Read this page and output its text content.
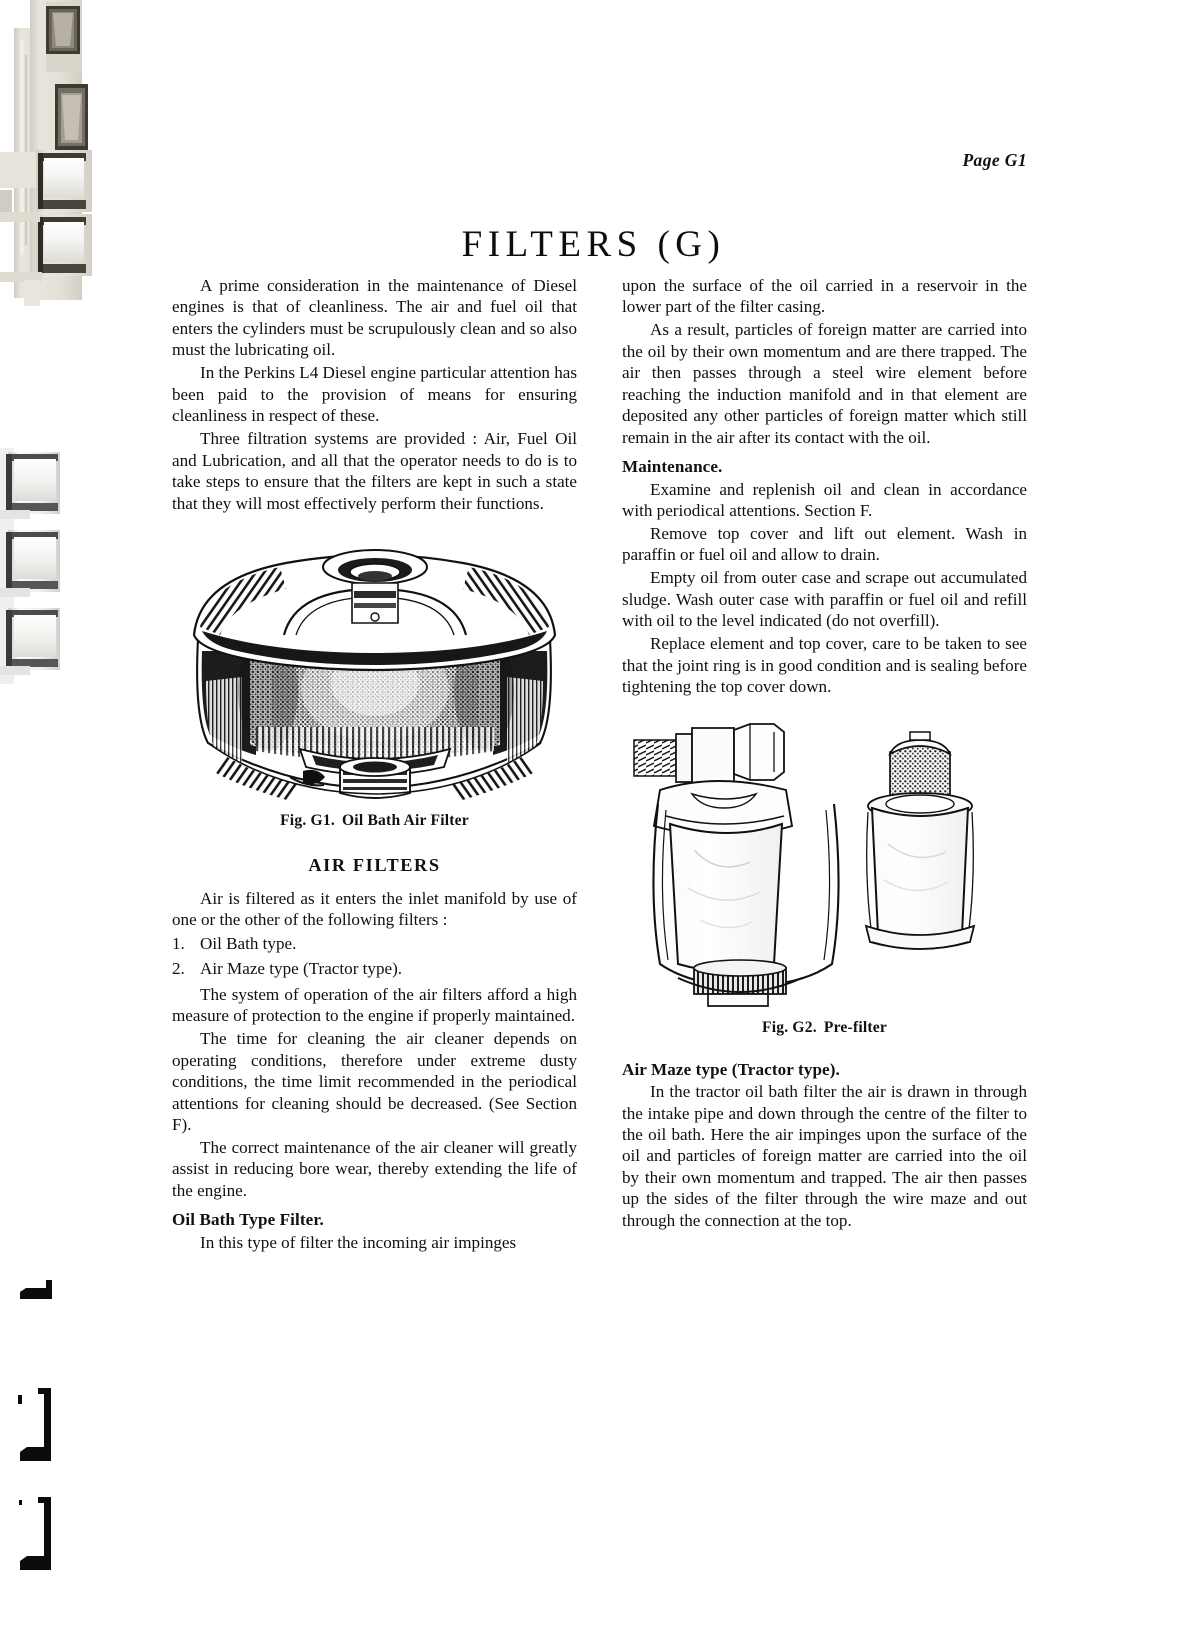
Page G1
FILTERS (G)

A prime consideration in the maintenance of Diesel engines is that of cleanliness. The air and fuel oil that enters the cylinders must be scrupulously clean and so also must the lubricating oil.

In the Perkins L4 Diesel engine particular attention has been paid to the provision of means for ensuring cleanliness in respect of these.

Three filtration systems are provided : Air, Fuel Oil and Lubrication, and all that the operator needs to do is to take steps to ensure that the filters are kept in such a state that they will most effectively perform their functions.

Fig. G1. Oil Bath Air Filter
AIR FILTERS

Air is filtered as it enters the inlet manifold by use of one or the other of the following filters :

1. Oil Bath type.
2. Air Maze type (Tractor type).

The system of operation of the air filters afford a high measure of protection to the engine if properly maintained.

The time for cleaning the air cleaner depends on operating conditions, therefore under extreme dusty conditions, the time limit recommended in the periodical attentions for cleaning should be decreased. (See Section F).

The correct maintenance of the air cleaner will greatly assist in reducing bore wear, thereby extending the life of the engine.

Oil Bath Type Filter.

In this type of filter the incoming air impinges

upon the surface of the oil carried in a reservoir in the lower part of the filter casing.

As a result, particles of foreign matter are carried into the oil by their own momentum and are there trapped. The air then passes through a steel wire element before reaching the induction manifold and in that element are deposited any other particles of foreign matter which still remain in the air after its contact with the oil.

Maintenance.

Examine and replenish oil and clean in accordance with periodical attentions. Section F.

Remove top cover and lift out element. Wash in paraffin or fuel oil and allow to drain.

Empty oil from outer case and scrape out accumulated sludge. Wash outer case with paraffin or fuel oil and refill with oil to the level indicated (do not overfill).

Replace element and top cover, care to be taken to see that the joint ring is in good condition and is sealing before tightening the top cover down.

Fig. G2. Pre-filter
Air Maze type (Tractor type).

In the tractor oil bath filter the air is drawn in through the intake pipe and down through the centre of the filter to the oil bath. Here the air impinges upon the surface of the oil and particles of foreign matter are carried into the oil by their own momentum and trapped. The air then passes up the sides of the filter through the wire maze and out through the connection at the top.
